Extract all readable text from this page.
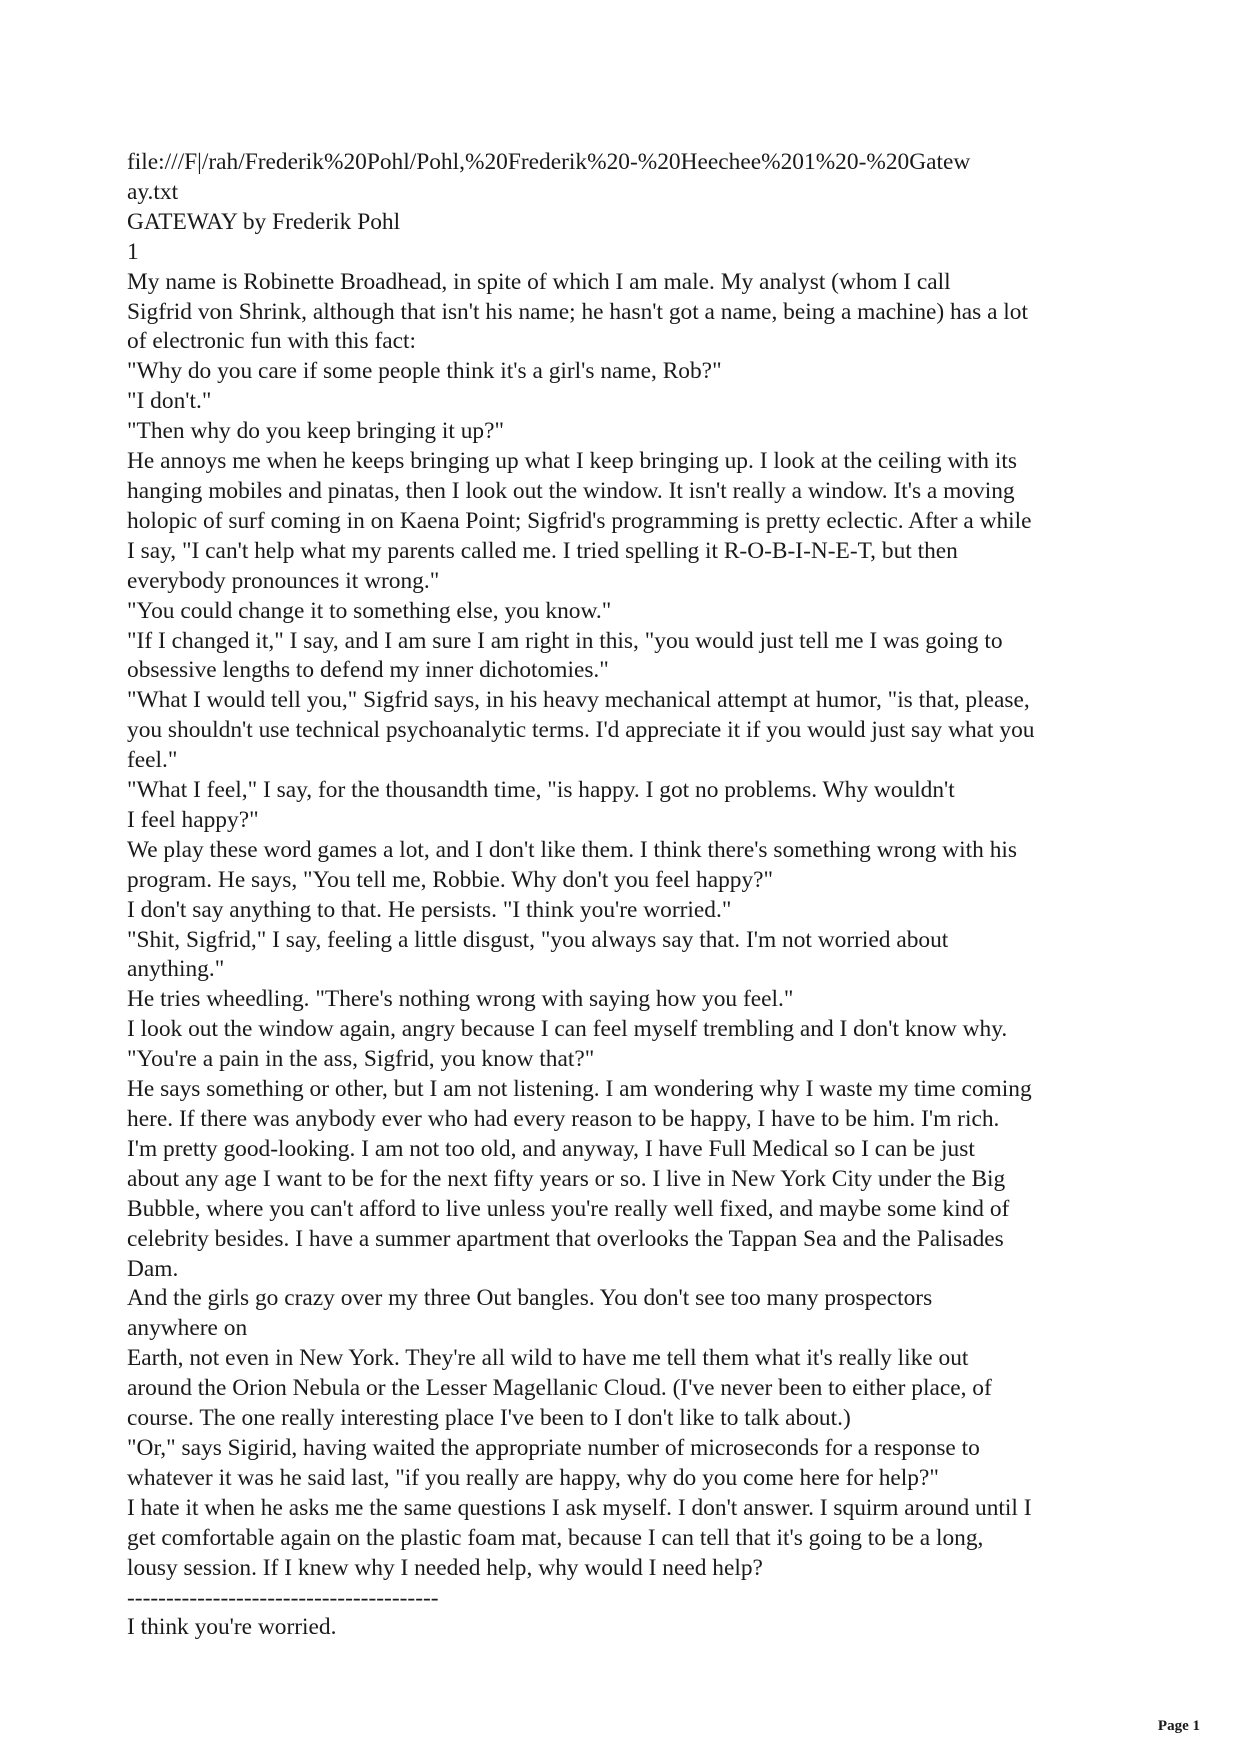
file:///F|/rah/Frederik%20Pohl/Pohl,%20Frederik%20-%20Heechee%201%20-%20Gatew
ay.txt
GATEWAY by Frederik Pohl
1
My name is Robinette Broadhead, in spite of which I am male. My analyst (whom I call
Sigfrid von Shrink, although that isn't his name; he hasn't got a name, being a machine) has a lot
of electronic fun with this fact:
"Why do you care if some people think it's a girl's name, Rob?"
"I don't."
"Then why do you keep bringing it up?"
He annoys me when he keeps bringing up what I keep bringing up. I look at the ceiling with its
hanging mobiles and pinatas, then I look out the window. It isn't really a window. It's a moving
holopic of surf coming in on Kaena Point; Sigfrid's programming is pretty eclectic. After a while
I say, "I can't help what my parents called me. I tried spelling it R-O-B-I-N-E-T, but then
everybody pronounces it wrong."
"You could change it to something else, you know."
"If I changed it," I say, and I am sure I am right in this, "you would just tell me I was going to
obsessive lengths to defend my inner dichotomies."
"What I would tell you," Sigfrid says, in his heavy mechanical attempt at humor, "is that, please,
you shouldn't use technical psychoanalytic terms. I'd appreciate it if you would just say what you
feel."
"What I feel," I say, for the thousandth time, "is happy. I got no problems. Why wouldn't
I feel happy?"
We play these word games a lot, and I don't like them. I think there's something wrong with his
program. He says, "You tell me, Robbie. Why don't you feel happy?"
I don't say anything to that. He persists. "I think you're worried."
"Shit, Sigfrid," I say, feeling a little disgust, "you always say that. I'm not worried about
anything."
He tries wheedling. "There's nothing wrong with saying how you feel."
I look out the window again, angry because I can feel myself trembling and I don't know why.
"You're a pain in the ass, Sigfrid, you know that?"
He says something or other, but I am not listening. I am wondering why I waste my time coming
here. If there was anybody ever who had every reason to be happy, I have to be him. I'm rich.
I'm pretty good-looking. I am not too old, and anyway, I have Full Medical so I can be just
about any age I want to be for the next fifty years or so. I live in New York City under the Big
Bubble, where you can't afford to live unless you're really well fixed, and maybe some kind of
celebrity besides. I have a summer apartment that overlooks the Tappan Sea and the Palisades
Dam.
And the girls go crazy over my three Out bangles. You don't see too many prospectors
anywhere on
Earth, not even in New York. They're all wild to have me tell them what it's really like out
around the Orion Nebula or the Lesser Magellanic Cloud. (I've never been to either place, of
course. The one really interesting place I've been to I don't like to talk about.)
"Or," says Sigirid, having waited the appropriate number of microseconds for a response to
whatever it was he said last, "if you really are happy, why do you come here for help?"
I hate it when he asks me the same questions I ask myself. I don't answer. I squirm around until I
get comfortable again on the plastic foam mat, because I can tell that it's going to be a long,
lousy session. If I knew why I needed help, why would I need help?
----------------------------------------
I think you're worried.
Page 1
